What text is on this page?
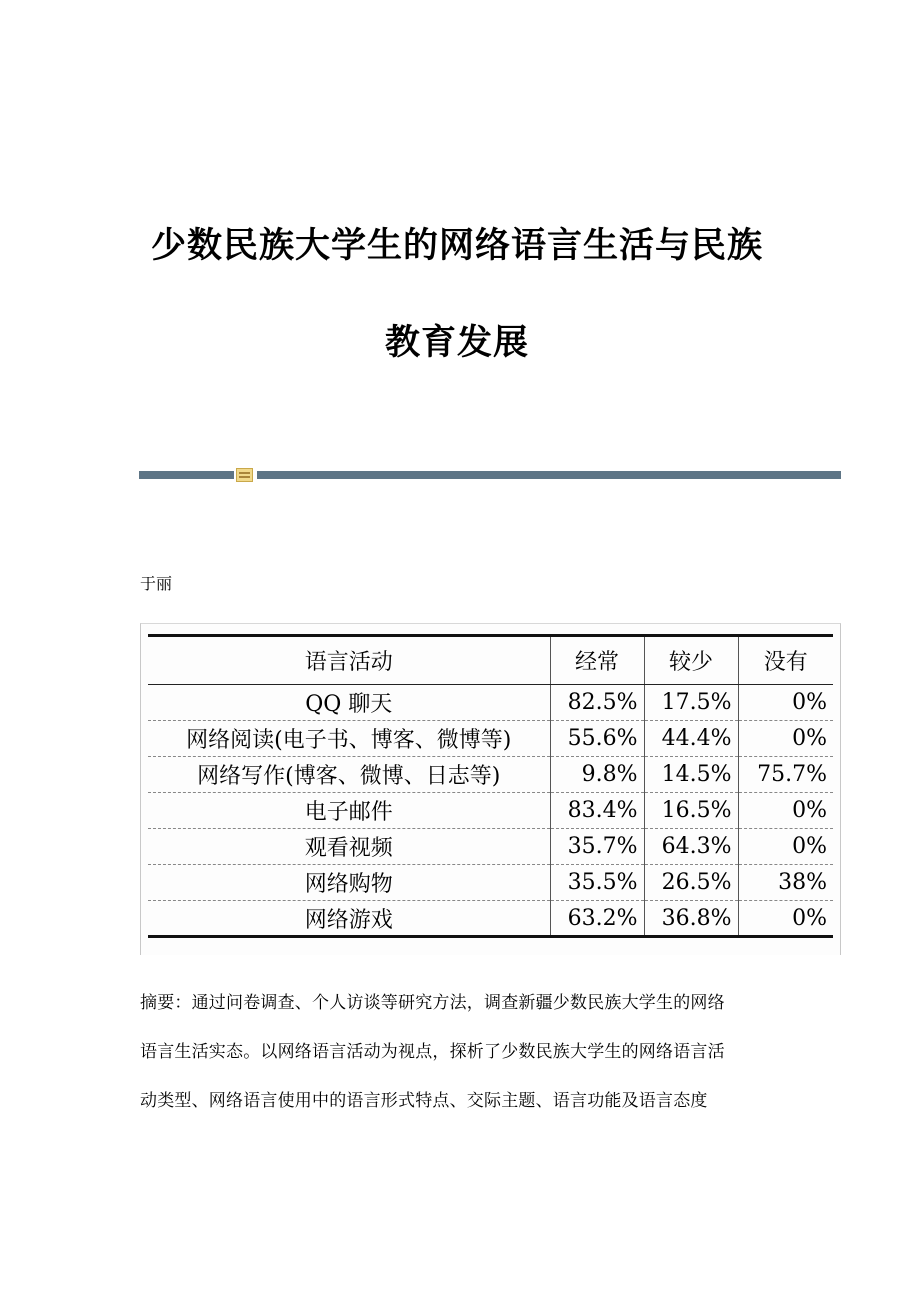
少数民族大学生的网络语言生活与民族
教育发展
于丽
语言活动	经常	较少	没有
QQ 聊天	82.5%	17.5%	0%
网络阅读(电子书、博客、微博等)	55.6%	44.4%	0%
网络写作(博客、微博、日志等)	9.8%	14.5%	75.7%
电子邮件	83.4%	16.5%	0%
观看视频	35.7%	64.3%	0%
网络购物	35.5%	26.5%	38%
网络游戏	63.2%	36.8%	0%
摘要：通过问卷调查、个人访谈等研究方法，调查新疆少数民族大学生的网络
语言生活实态。以网络语言活动为视点，探析了少数民族大学生的网络语言活
动类型、网络语言使用中的语言形式特点、交际主题、语言功能及语言态度
